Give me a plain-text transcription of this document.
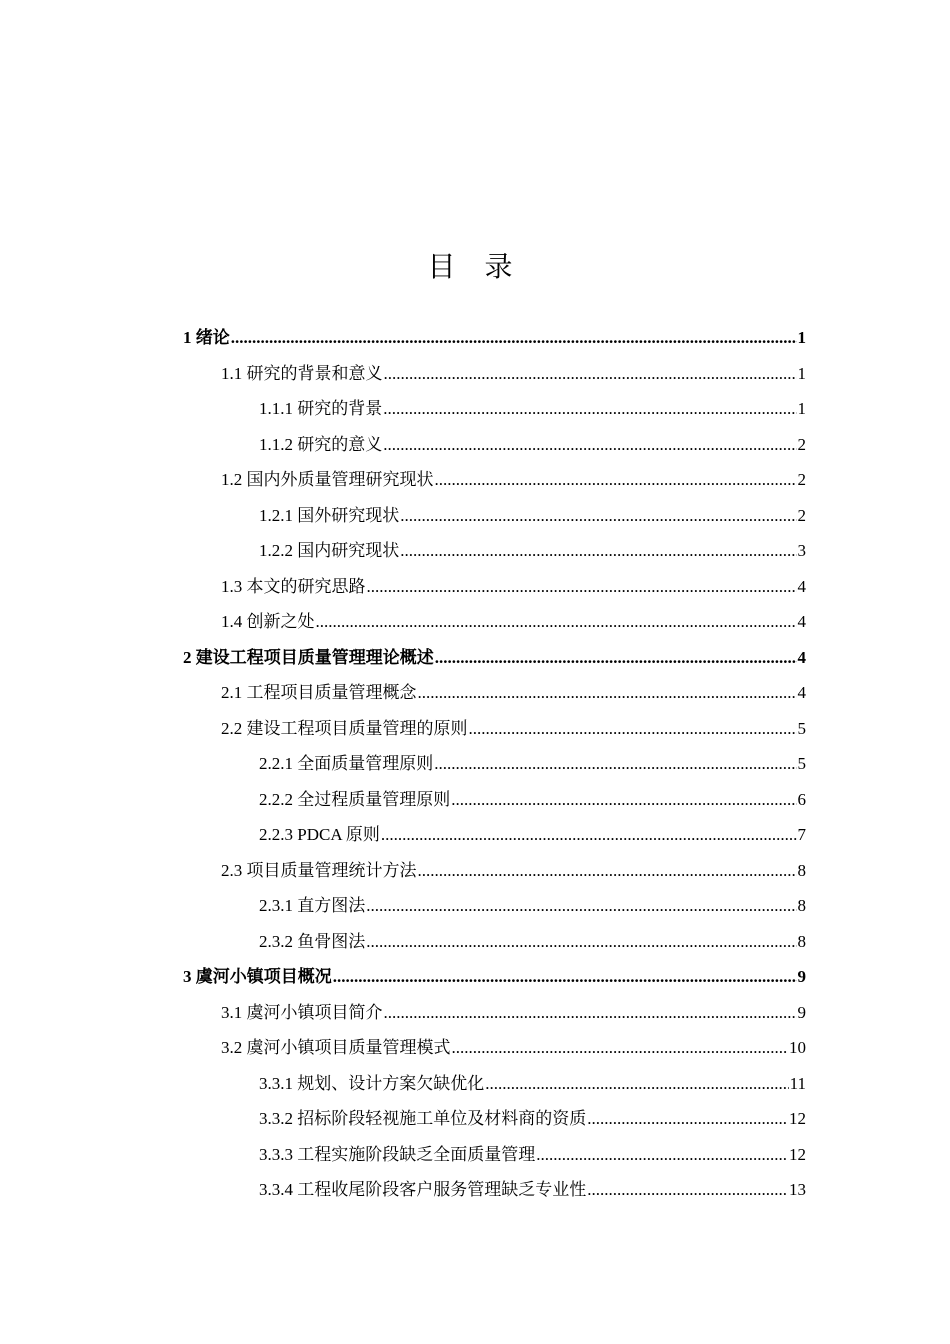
目 录
1 绪论 .....	1
1.1 研究的背景和意义 .....	1
1.1.1 研究的背景 .....	1
1.1.2 研究的意义 .....	2
1.2 国内外质量管理研究现状 .....	2
1.2.1 国外研究现状 .....	2
1.2.2 国内研究现状 .....	3
1.3 本文的研究思路 .....	4
1.4 创新之处 .....	4
2 建设工程项目质量管理理论概述 .....	4
2.1 工程项目质量管理概念 .....	4
2.2 建设工程项目质量管理的原则 .....	5
2.2.1 全面质量管理原则 .....	5
2.2.2 全过程质量管理原则 .....	6
2.2.3 PDCA 原则 .....	7
2.3 项目质量管理统计方法 .....	8
2.3.1 直方图法 .....	8
2.3.2 鱼骨图法 .....	8
3 虞河小镇项目概况 .....	9
3.1 虞河小镇项目简介 .....	9
3.2 虞河小镇项目质量管理模式 .....	10
3.3.1 规划、设计方案欠缺优化 .....	11
3.3.2 招标阶段轻视施工单位及材料商的资质 .....	12
3.3.3 工程实施阶段缺乏全面质量管理 .....	12
3.3.4 工程收尾阶段客户服务管理缺乏专业性 .....	13
